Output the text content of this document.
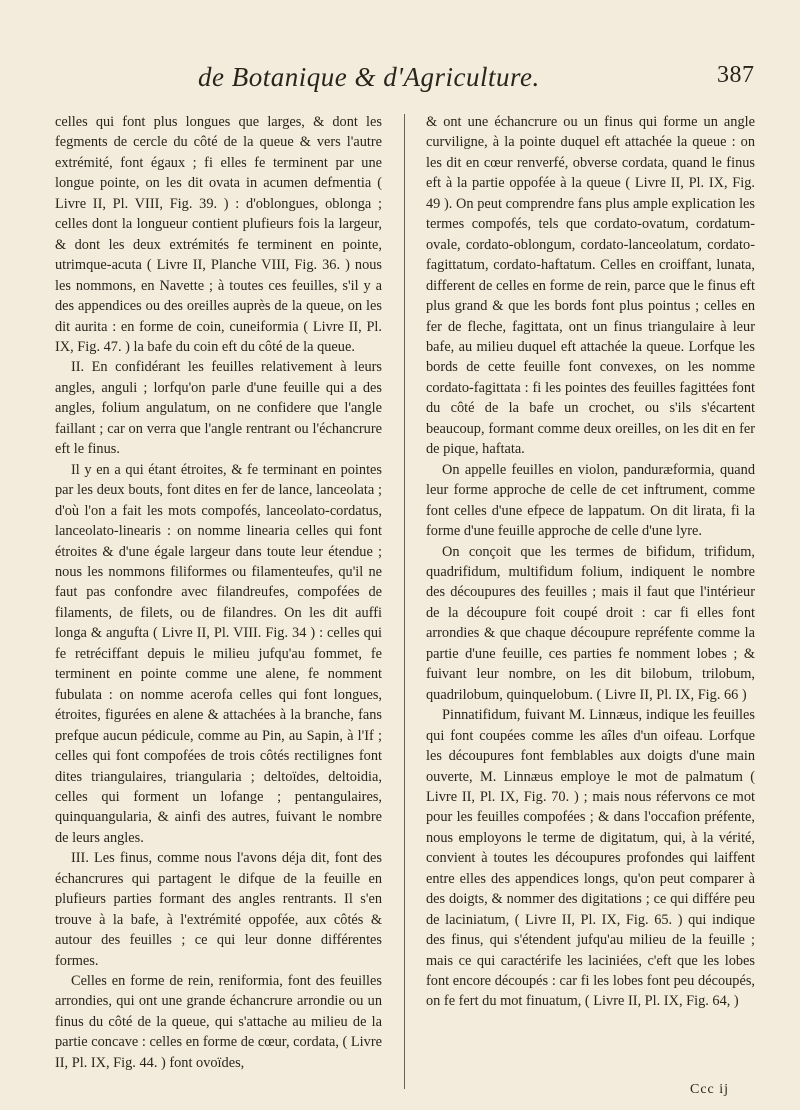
de Botanique & d'Agriculture.	387

celles qui font plus longues que larges, & dont les fegments de cercle du côté de la queue & vers l'autre extrémité, font égaux ; fi elles fe terminent par une longue pointe, on les dit ovata in acumen defmentia ( Livre II, Pl. VIII, Fig. 39. ) : d'oblongues, oblonga ; celles dont la longueur contient plufieurs fois la largeur, & dont les deux extrémités fe terminent en pointe, utrimque-acuta ( Livre II, Planche VIII, Fig. 36. ) nous les nommons, en Navette ; à toutes ces feuilles, s'il y a des appendices ou des oreilles auprès de la queue, on les dit aurita : en forme de coin, cuneiformia ( Livre II, Pl. IX, Fig. 47. ) la bafe du coin eft du côté de la queue.

II. En confidérant les feuilles relativement à leurs angles, anguli ; lorfqu'on parle d'une feuille qui a des angles, folium angulatum, on ne confidere que l'angle faillant ; car on verra que l'angle rentrant ou l'échancrure eft le finus.

Il y en a qui étant étroites, & fe terminant en pointes par les deux bouts, font dites en fer de lance, lanceolata ; d'où l'on a fait les mots compofés, lanceolato-cordatus, lanceolato-linearis : on nomme linearia celles qui font étroites & d'une égale largeur dans toute leur étendue ; nous les nommons filiformes ou filamenteufes, qu'il ne faut pas confondre avec filandreufes, compofées de filaments, de filets, ou de filandres. On les dit auffi longa & angufta ( Livre II, Pl. VIII. Fig. 34 ) : celles qui fe retréciffant depuis le milieu jufqu'au fommet, fe terminent en pointe comme une alene, fe nomment fubulata : on nomme acerofa celles qui font longues, étroites, figurées en alene & attachées à la branche, fans prefque aucun pédicule, comme au Pin, au Sapin, à l'If ; celles qui font compofées de trois côtés rectilignes font dites triangulaires, triangularia ; deltoïdes, deltoidia, celles qui forment un lofange ; pentangulaires, quinquangularia, & ainfi des autres, fuivant le nombre de leurs angles.

III. Les finus, comme nous l'avons déja dit, font des échancrures qui partagent le difque de la feuille en plufieurs parties formant des angles rentrants. Il s'en trouve à la bafe, à l'extrémité oppofée, aux côtés & autour des feuilles ; ce qui leur donne différentes formes.

Celles en forme de rein, reniformia, font des feuilles arrondies, qui ont une grande échancrure arrondie ou un finus du côté de la queue, qui s'attache au milieu de la partie concave : celles en forme de cœur, cordata, ( Livre II, Pl. IX, Fig. 44. ) font ovoïdes,

& ont une échancrure ou un finus qui forme un angle curviligne, à la pointe duquel eft attachée la queue : on les dit en cœur renverfé, obverse cordata, quand le finus eft à la partie oppofée à la queue ( Livre II, Pl. IX, Fig. 49 ). On peut comprendre fans plus ample explication les termes compofés, tels que cordato-ovatum, cordatum-ovale, cordato-oblongum, cordato-lanceolatum, cordato-fagittatum, cordato-haftatum. Celles en croiffant, lunata, different de celles en forme de rein, parce que le finus eft plus grand & que les bords font plus pointus ; celles en fer de fleche, fagittata, ont un finus triangulaire à leur bafe, au milieu duquel eft attachée la queue. Lorfque les bords de cette feuille font convexes, on les nomme cordato-fagittata : fi les pointes des feuilles fagittées font du côté de la bafe un crochet, ou s'ils s'écartent beaucoup, formant comme deux oreilles, on les dit en fer de pique, haftata.

On appelle feuilles en violon, panduræformia, quand leur forme approche de celle de cet inftrument, comme font celles d'une efpece de lappatum. On dit lirata, fi la forme d'une feuille approche de celle d'une lyre.

On conçoit que les termes de bifidum, trifidum, quadrifidum, multifidum folium, indiquent le nombre des découpures des feuilles ; mais il faut que l'intérieur de la découpure foit coupé droit : car fi elles font arrondies & que chaque découpure repréfente comme la partie d'une feuille, ces parties fe nomment lobes ; & fuivant leur nombre, on les dit bilobum, trilobum, quadrilobum, quinquelobum. ( Livre II, Pl. IX, Fig. 66 )

Pinnatifidum, fuivant M. Linnæus, indique les feuilles qui font coupées comme les aîles d'un oifeau. Lorfque les découpures font femblables aux doigts d'une main ouverte, M. Linnæus employe le mot de palmatum ( Livre II, Pl. IX, Fig. 70. ) ; mais nous réfervons ce mot pour les feuilles compofées ; & dans l'occafion préfente, nous employons le terme de digitatum, qui, à la vérité, convient à toutes les découpures profondes qui laiffent entre elles des appendices longs, qu'on peut comparer à des doigts, & nommer des digitations ; ce qui différe peu de laciniatum, ( Livre II, Pl. IX, Fig. 65. ) qui indique des finus, qui s'étendent jufqu'au milieu de la feuille ; mais ce qui caractérife les laciniées, c'eft que les lobes font encore découpés : car fi les lobes font peu découpés, on fe fert du mot finuatum, ( Livre II, Pl. IX, Fig. 64, )

Ccc ij
